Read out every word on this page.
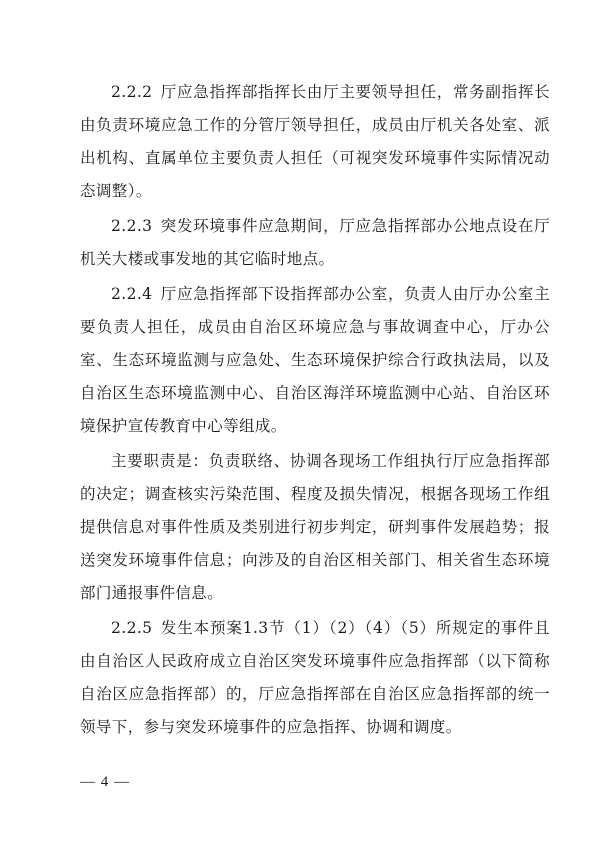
2.2.2 厅应急指挥部指挥长由厅主要领导担任，常务副指挥长由负责环境应急工作的分管厅领导担任，成员由厅机关各处室、派出机构、直属单位主要负责人担任（可视突发环境事件实际情况动态调整）。

2.2.3 突发环境事件应急期间，厅应急指挥部办公地点设在厅机关大楼或事发地的其它临时地点。

2.2.4 厅应急指挥部下设指挥部办公室，负责人由厅办公室主要负责人担任，成员由自治区环境应急与事故调查中心，厅办公室、生态环境监测与应急处、生态环境保护综合行政执法局，以及自治区生态环境监测中心、自治区海洋环境监测中心站、自治区环境保护宣传教育中心等组成。

主要职责是：负责联络、协调各现场工作组执行厅应急指挥部的决定；调查核实污染范围、程度及损失情况，根据各现场工作组提供信息对事件性质及类别进行初步判定，研判事件发展趋势；报送突发环境事件信息；向涉及的自治区相关部门、相关省生态环境部门通报事件信息。

2.2.5 发生本预案1.3节（1）（2）（4）（5）所规定的事件且由自治区人民政府成立自治区突发环境事件应急指挥部（以下简称自治区应急指挥部）的，厅应急指挥部在自治区应急指挥部的统一领导下，参与突发环境事件的应急指挥、协调和调度。

— 4 —
